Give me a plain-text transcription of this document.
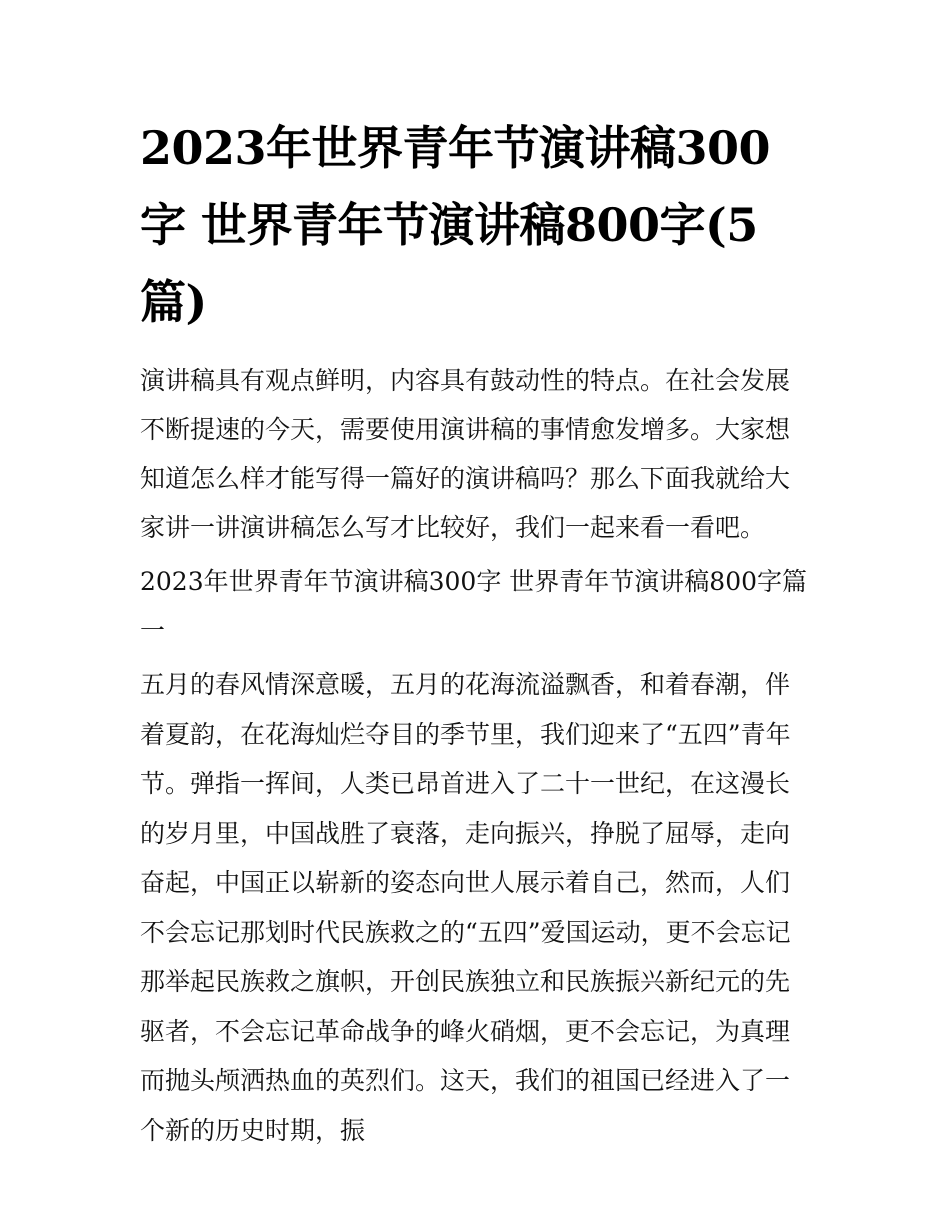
2023年世界青年节演讲稿300字 世界青年节演讲稿800字(5篇)

演讲稿具有观点鲜明，内容具有鼓动性的特点。在社会发展不断提速的今天，需要使用演讲稿的事情愈发增多。大家想知道怎么样才能写得一篇好的演讲稿吗？那么下面我就给大家讲一讲演讲稿怎么写才比较好，我们一起来看一看吧。

2023年世界青年节演讲稿300字 世界青年节演讲稿800字篇一

五月的春风情深意暖，五月的花海流溢飘香，和着春潮，伴着夏韵，在花海灿烂夺目的季节里，我们迎来了“五四”青年节。弹指一挥间，人类已昂首进入了二十一世纪，在这漫长的岁月里，中国战胜了衰落，走向振兴，挣脱了屈辱，走向奋起，中国正以崭新的姿态向世人展示着自己，然而，人们不会忘记那划时代民族救之的“五四”爱国运动，更不会忘记那举起民族救之旗帜，开创民族独立和民族振兴新纪元的先驱者，不会忘记革命战争的峰火硝烟，更不会忘记，为真理而抛头颅洒热血的英烈们。这天，我们的祖国已经进入了一个新的历史时期，振
